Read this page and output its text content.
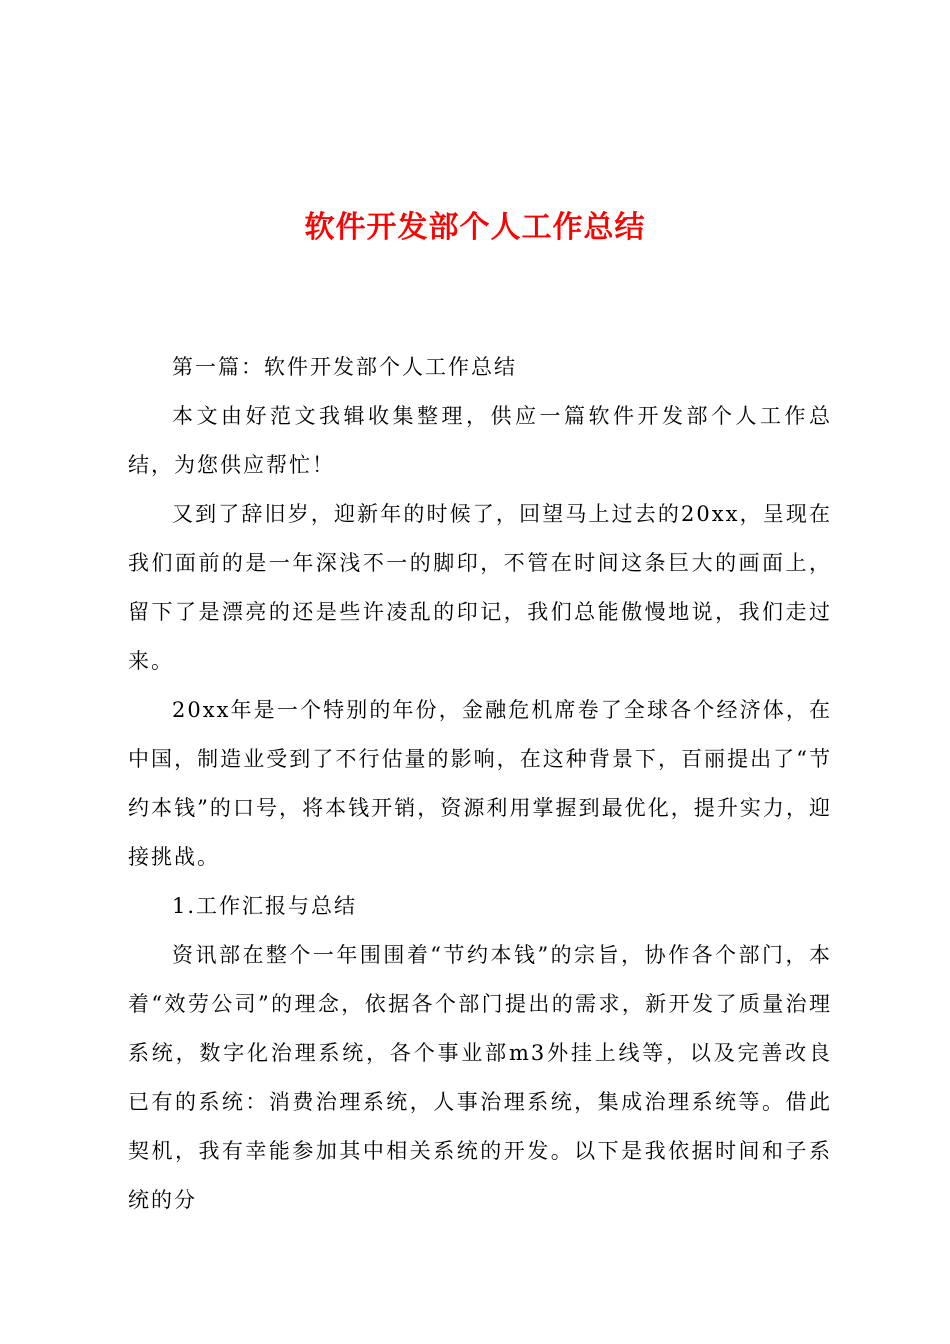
软件开发部个人工作总结

第一篇：软件开发部个人工作总结

本文由好范文我辑收集整理，供应一篇软件开发部个人工作总结，为您供应帮忙！

又到了辞旧岁，迎新年的时候了，回望马上过去的20xx，呈现在我们面前的是一年深浅不一的脚印，不管在时间这条巨大的画面上，留下了是漂亮的还是些许凌乱的印记，我们总能傲慢地说，我们走过来。

20xx年是一个特别的年份，金融危机席卷了全球各个经济体，在中国，制造业受到了不行估量的影响，在这种背景下，百丽提出了“节约本钱”的口号，将本钱开销，资源利用掌握到最优化，提升实力，迎接挑战。

1.工作汇报与总结

资讯部在整个一年围围着“节约本钱”的宗旨，协作各个部门，本着“效劳公司”的理念，依据各个部门提出的需求，新开发了质量治理系统，数字化治理系统，各个事业部m3外挂上线等，以及完善改良已有的系统：消费治理系统，人事治理系统，集成治理系统等。借此契机，我有幸能参加其中相关系统的开发。以下是我依据时间和子系统的分
